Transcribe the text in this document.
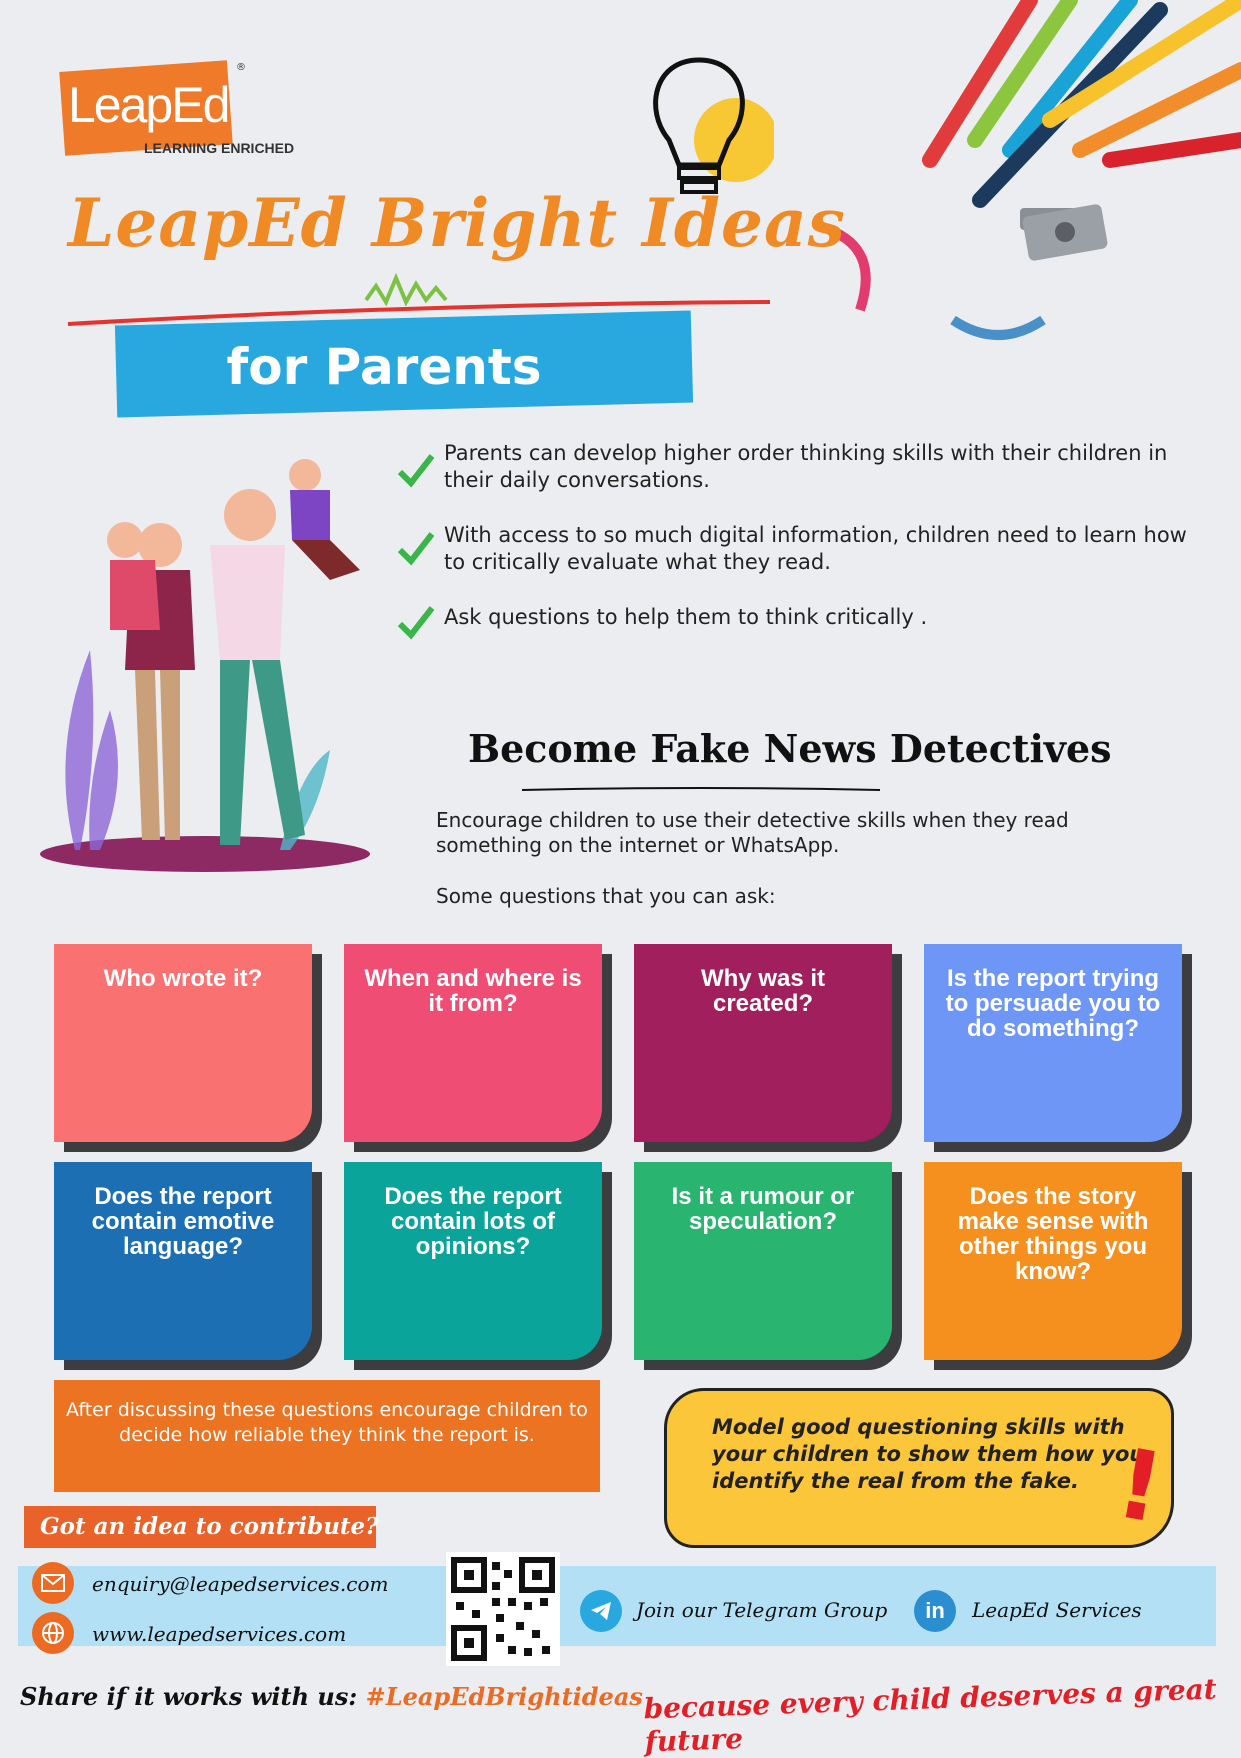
LeapEd
®
LEARNING ENRICHED
LeapEd Bright Ideas
for Parents
Parents can develop higher order thinking skills with their children in their daily conversations.
With access to so much digital information, children need to learn how to critically evaluate what they read.
Ask questions to help them to think critically .
Become Fake News Detectives
Encourage children to use their detective skills when they read something on the internet or WhatsApp.
Some questions that you can ask:
Who wrote it?	When and where is it from?
Why was it created?
Is the report trying to persuade you to do something?
Does the report contain emotive language?
Does the report contain lots of opinions?
Is it a rumour or speculation?
Does the story make sense with other things you know?
After discussing these questions encourage children to decide how reliable they think the report is.	Model good questioning skills with your children to show them how you identify the real from the fake. !
Got an idea to contribute?
enquiry@leapedservices.com
www.leapedservices.com
Join our Telegram Group	in	LeapEd Services
Share if it works with us: #LeapEdBrightideas because every child deserves a great future
